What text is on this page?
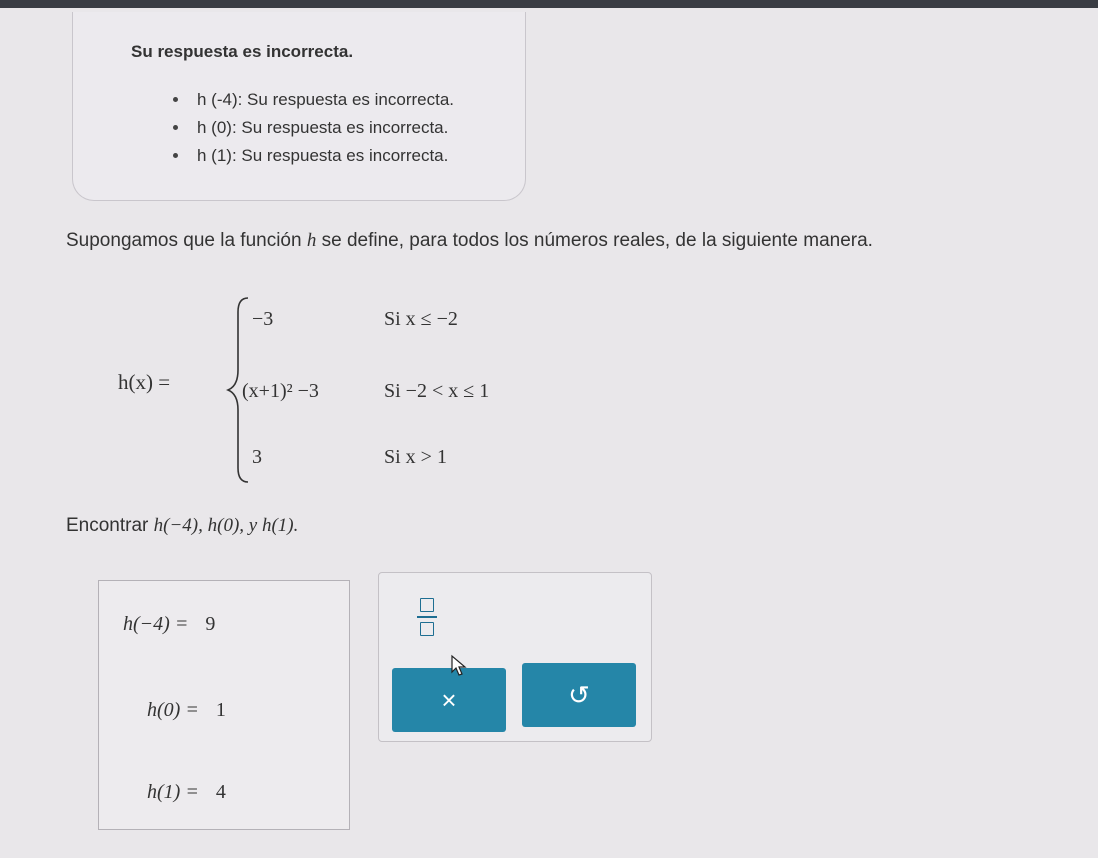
Su respuesta es incorrecta.
h (-4): Su respuesta es incorrecta.
h (0): Su respuesta es incorrecta.
h (1): Su respuesta es incorrecta.
Supongamos que la función h se define, para todos los números reales, de la siguiente manera.
h(x) =
−3	Si x ≤ −2
(x+1)² −3	Si −2 < x ≤ 1
3	Si x > 1
Encontrar h(−4), h(0), y h(1).
h(−4) = 9
h(0) = 1
h(1) = 4
×	↺
